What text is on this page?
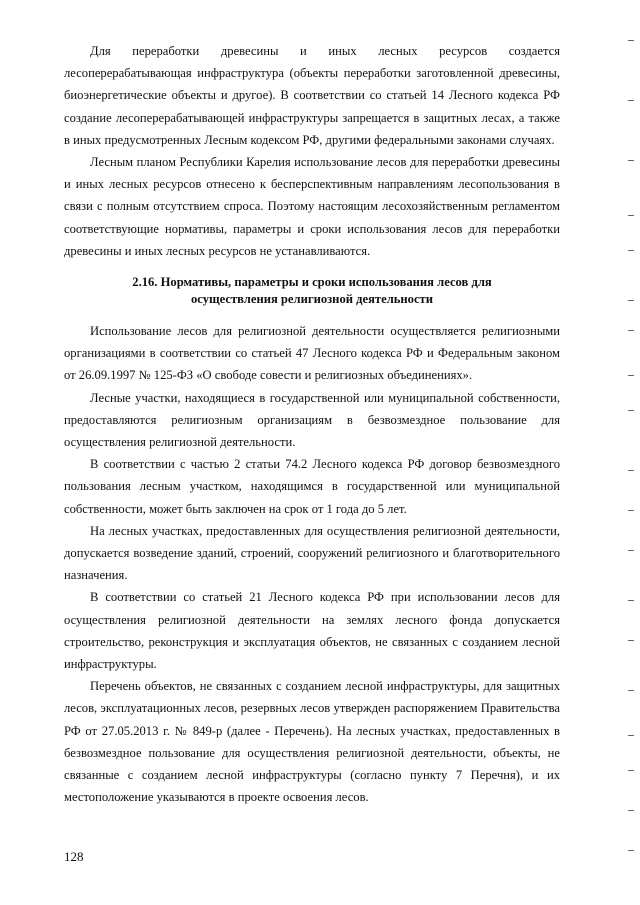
Для переработки древесины и иных лесных ресурсов создается лесоперерабатывающая инфраструктура (объекты переработки заготовленной древесины, биоэнергетические объекты и другое). В соответствии со статьей 14 Лесного кодекса РФ создание лесоперерабатывающей инфраструктуры запрещается в защитных лесах, а также в иных предусмотренных Лесным кодексом РФ, другими федеральными законами случаях.

Лесным планом Республики Карелия использование лесов для переработки древесины и иных лесных ресурсов отнесено к бесперспективным направлениям лесопользования в связи с полным отсутствием спроса. Поэтому настоящим лесохозяйственным регламентом соответствующие нормативы, параметры и сроки использования лесов для переработки древесины и иных лесных ресурсов не устанавливаются.

2.16. Нормативы, параметры и сроки использования лесов для осуществления религиозной деятельности

Использование лесов для религиозной деятельности осуществляется религиозными организациями в соответствии со статьей 47 Лесного кодекса РФ и Федеральным законом от 26.09.1997 № 125-ФЗ «О свободе совести и религиозных объединениях».

Лесные участки, находящиеся в государственной или муниципальной собственности, предоставляются религиозным организациям в безвозмездное пользование для осуществления религиозной деятельности.

В соответствии с частью 2 статьи 74.2 Лесного кодекса РФ договор безвозмездного пользования лесным участком, находящимся в государственной или муниципальной собственности, может быть заключен на срок от 1 года до 5 лет.

На лесных участках, предоставленных для осуществления религиозной деятельности, допускается возведение зданий, строений, сооружений религиозного и благотворительного назначения.

В соответствии со статьей 21 Лесного кодекса РФ при использовании лесов для осуществления религиозной деятельности на землях лесного фонда допускается строительство, реконструкция и эксплуатация объектов, не связанных с созданием лесной инфраструктуры.

Перечень объектов, не связанных с созданием лесной инфраструктуры, для защитных лесов, эксплуатационных лесов, резервных лесов утвержден распоряжением Правительства РФ от 27.05.2013 г. № 849-р (далее - Перечень). На лесных участках, предоставленных в безвозмездное пользование для осуществления религиозной деятельности, объекты, не связанные с созданием лесной инфраструктуры (согласно пункту 7 Перечня), и их местоположение указываются в проекте освоения лесов.

128
